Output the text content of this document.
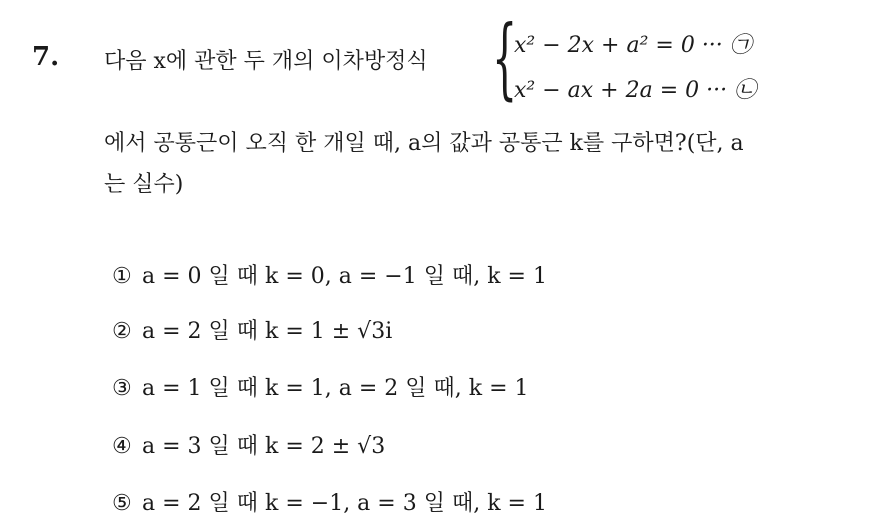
7. 다음 x에 관한 두 개의 이차방정식 {
x² − 2x + a² = 0 ··· ㉠
x² − ax + 2a = 0 ··· ㉡
에서 공통근이 오직 한 개일 때, a의 값과 공통근 k를 구하면?(단, a
는 실수)
① a = 0 일 때 k = 0, a = −1 일 때, k = 1
② a = 2 일 때 k = 1 ± √3i
③ a = 1 일 때 k = 1, a = 2 일 때, k = 1
④ a = 3 일 때 k = 2 ± √3
⑤ a = 2 일 때 k = −1, a = 3 일 때, k = 1
